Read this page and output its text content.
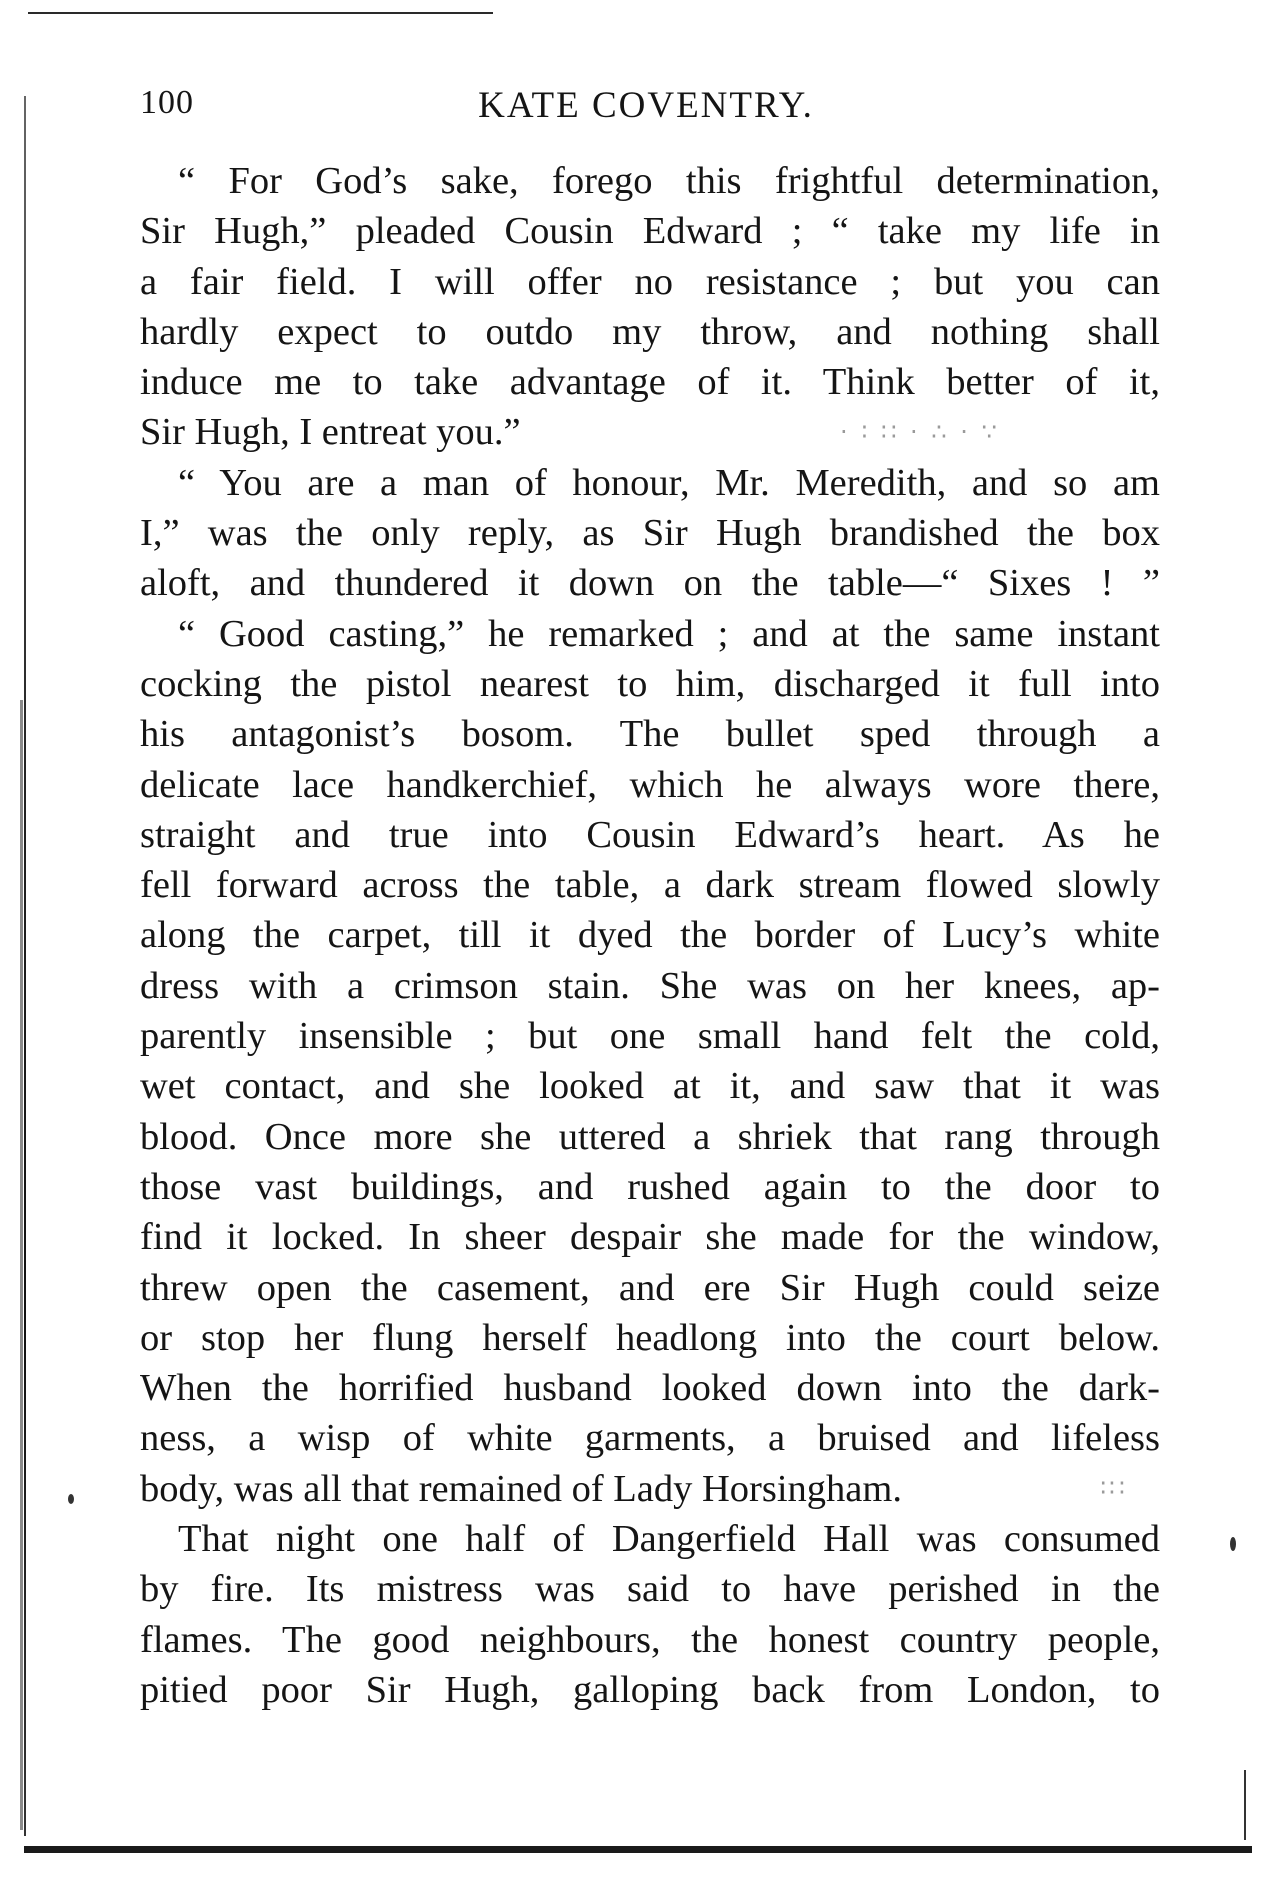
100	KATE COVENTRY.
“ For God’s sake, forego this frightful determination,
Sir Hugh,” pleaded Cousin Edward ; “ take my life in
a fair field. I will offer no resistance ; but you can
hardly expect to outdo my throw, and nothing shall
induce me to take advantage of it. Think better of it,
Sir Hugh, I entreat you.”
“ You are a man of honour, Mr. Meredith, and so am
I,” was the only reply, as Sir Hugh brandished the box
aloft, and thundered it down on the table—“ Sixes ! ”
“ Good casting,” he remarked ; and at the same instant
cocking the pistol nearest to him, discharged it full into
his antagonist’s bosom. The bullet sped through a
delicate lace handkerchief, which he always wore there,
straight and true into Cousin Edward’s heart. As he
fell forward across the table, a dark stream flowed slowly
along the carpet, till it dyed the border of Lucy’s white
dress with a crimson stain. She was on her knees, ap-
parently insensible ; but one small hand felt the cold,
wet contact, and she looked at it, and saw that it was
blood. Once more she uttered a shriek that rang through
those vast buildings, and rushed again to the door to
find it locked. In sheer despair she made for the window,
threw open the casement, and ere Sir Hugh could seize
or stop her flung herself headlong into the court below.
When the horrified husband looked down into the dark-
ness, a wisp of white garments, a bruised and lifeless
body, was all that remained of Lady Horsingham.
That night one half of Dangerfield Hall was consumed
by fire. Its mistress was said to have perished in the
flames. The good neighbours, the honest country people,
pitied poor Sir Hugh, galloping back from London, to
· ∶ ∷ · ∴ · ∵
∶∷
